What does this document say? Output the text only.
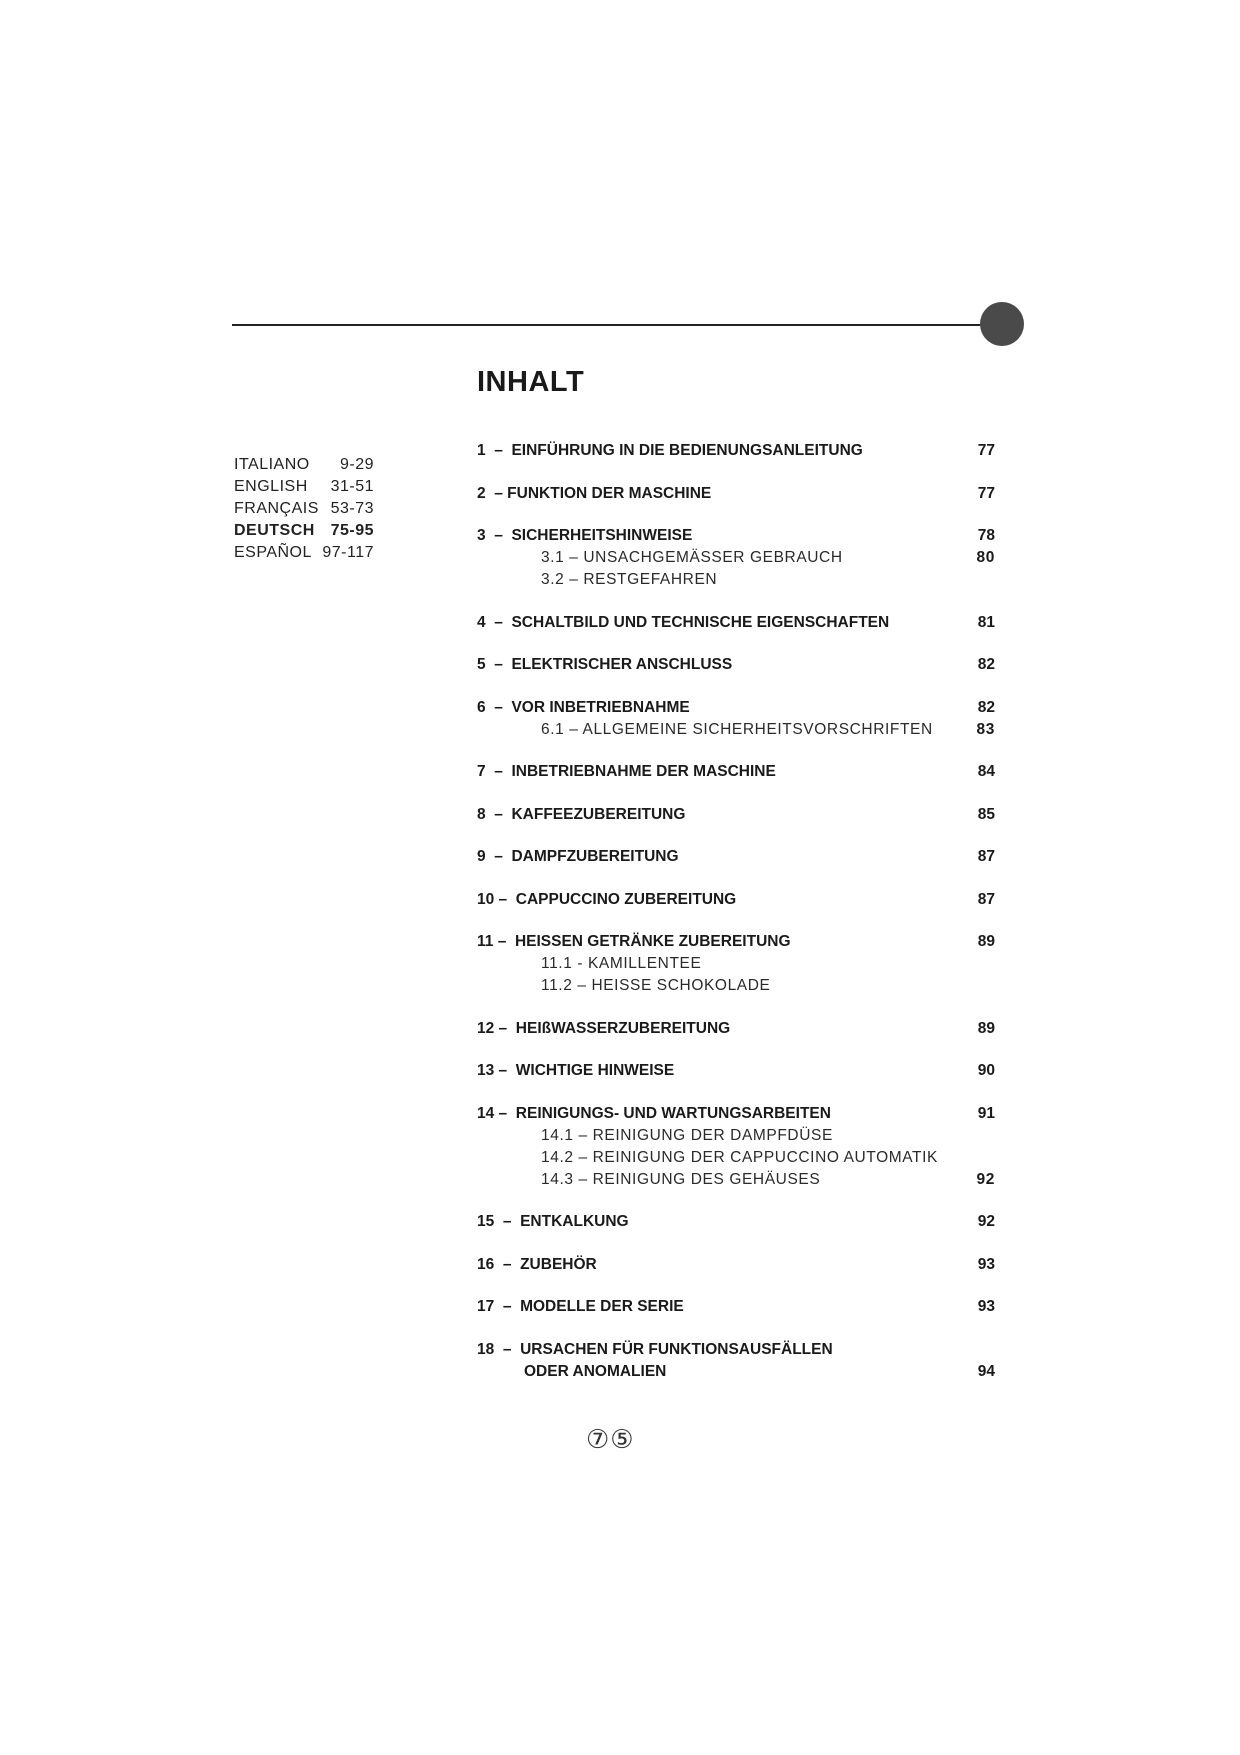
INHALT
ITALIANO 9-29
ENGLISH 31-51
FRANÇAIS 53-73
DEUTSCH 75-95
ESPAÑOL 97-117
1  –  EINFÜHRUNG IN DIE BEDIENUNGSANLEITUNG	77
2  – FUNKTION DER MASCHINE	77
3  –  SICHERHEITSHINWEISE	78
3.1 – UNSACHGEMÄSSER GEBRAUCH	80
3.2 – RESTGEFAHREN
4  –  SCHALTBILD UND TECHNISCHE EIGENSCHAFTEN	81
5  –  ELEKTRISCHER ANSCHLUSS	82
6  –  VOR INBETRIEBNAHME	82
6.1 – ALLGEMEINE SICHERHEITSVORSCHRIFTEN	83
7  –  INBETRIEBNAHME DER MASCHINE	84
8  –  KAFFEEZUBEREITUNG	85
9  –  DAMPFZUBEREITUNG	87
10 –  CAPPUCCINO ZUBEREITUNG	87
11 –  HEISSEN GETRÄNKE ZUBEREITUNG	89
11.1 - KAMILLENTEE
11.2 – HEISSE SCHOKOLADE
12 –  HEIßWASSERZUBEREITUNG	89
13 –  WICHTIGE HINWEISE	90
14 –  REINIGUNGS- UND WARTUNGSARBEITEN	91
14.1 – REINIGUNG DER DAMPFDÜSE
14.2 – REINIGUNG DER CAPPUCCINO AUTOMATIK
14.3 – REINIGUNG DES GEHÄUSES	92
15  –  ENTKALKUNG	92
16  –  ZUBEHÖR	93
17  –  MODELLE DER SERIE	93
18  –  URSACHEN FÜR FUNKTIONSAUSFÄLLEN
ODER ANOMALIEN	94
⑦⑤
